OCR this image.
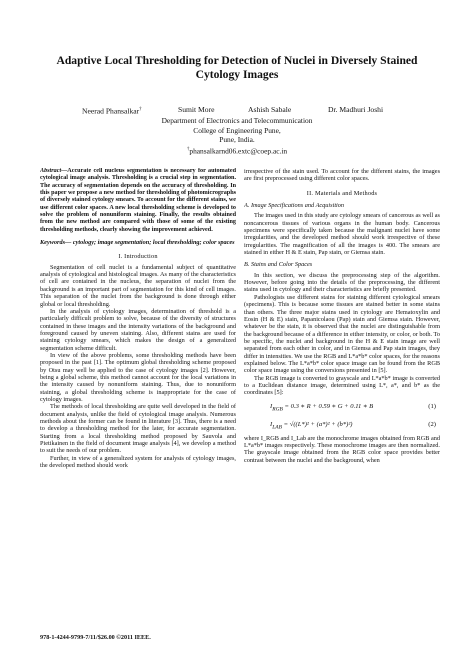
Adaptive Local Thresholding for Detection of Nuclei in Diversely Stained
Cytology Images
Neerad Phansalkar†	Sumit More	Ashish Sabale	Dr. Madhuri Joshi
Department of Electronics and Telecommunication
College of Engineering Pune,
Pune, India.
†phansalkarnd06.extc@coep.ac.in

Abstract—Accurate cell nucleus segmentation is necessary for automated cytological image analysis. Thresholding is a crucial step in segmentation. The accuracy of segmentation depends on the accuracy of thresholding. In this paper we propose a new method for thresholding of photomicrographs of diversely stained cytology smears. To account for the different stains, we use different color spaces. A new local thresholding scheme is developed to solve the problem of nonuniform staining. Finally, the results obtained from the new method are compared with those of some of the existing thresholding methods, clearly showing the improvement achieved.

Keywords— cytology; image segmentation; local thresholding; color spaces

I. Introduction

Segmentation of cell nuclei is a fundamental subject of quantitative analysis of cytological and histological images. As many of the characteristics of cell are contained in the nucleus, the separation of nuclei from the background is an important part of segmentation for this kind of cell images. This separation of the nuclei from the background is done through either global or local thresholding.

In the analysis of cytology images, determination of threshold is a particularly difficult problem to solve, because of the diversity of structures contained in these images and the intensity variations of the background and foreground caused by uneven staining. Also, different stains are used for staining cytology smears, which makes the design of a generalized segmentation scheme difficult.

In view of the above problems, some thresholding methods have been proposed in the past [1]. The optimum global thresholding scheme proposed by Otsu may well be applied to the case of cytology images [2]. However, being a global scheme, this method cannot account for the local variations in the intensity caused by nonuniform staining. Thus, due to nonuniform staining, a global thresholding scheme is inappropriate for the case of cytology images.

The methods of local thresholding are quite well developed in the field of document analysis, unlike the field of cytological image analysis. Numerous methods about the former can be found in literature [3]. Thus, there is a need to develop a thresholding method for the later, for accurate segmentation. Starting from a local thresholding method proposed by Sauvola and Pietikainen in the field of document image analysis [4], we develop a method to suit the needs of our problem.

Further, in view of a generalized system for analysis of cytology images, the developed method should work

irrespective of the stain used. To account for the different stains, the images are first preprocessed using different color spaces.

II. Materials and Methods
A. Image Specifications and Acquisition

The images used in this study are cytology smears of cancerous as well as noncancerous tissues of various organs in the human body. Cancerous specimens were specifically taken because the malignant nuclei have some irregularities, and the developed method should work irrespective of these irregularities. The magnification of all the images is 400. The smears are stained in either H & E stain, Pap stain, or Giemsa stain.

B. Stains and Color Spaces

In this section, we discuss the preprocessing step of the algorithm. However, before going into the details of the preprocessing, the different stains used in cytology and their characteristics are briefly presented.

Pathologists use different stains for staining different cytological smears (specimens). This is because some tissues are stained better in some stains than others. The three major stains used in cytology are Hematoxylin and Eosin (H & E) stain, Papanicolaou (Pap) stain and Giemsa stain. However, whatever be the stain, it is observed that the nuclei are distinguishable from the background because of a difference in either intensity, or color, or both. To be specific, the nuclei and background in the H & E stain image are well separated from each other in color, and in Giemsa and Pap stain images, they differ in intensities. We use the RGB and L*a*b* color spaces, for the reasons explained below. The L*a*b* color space image can be found from the RGB color space image using the conversions presented in [5].

The RGB image is converted to grayscale and L*a*b* image is converted to a Euclidean distance image, determined using L*, a*, and b* as the coordinates [5]:

$I_{RGB} = 0.3$ ∗ R + 0.59 ∗ G + 0.11 ∗ B	(1)
$I_{LAB} = √((L*)^2 + (a*)^2 + (b*)^2)$	(2)

where I_RGB and I_Lab are the monochrome images obtained from RGB and L*a*b* images respectively. These monochrome images are then normalized. The grayscale image obtained from the RGB color space provides better contrast between the nuclei and the background, when

978-1-4244-9799-7/11/$26.00 ©2011 IEEE.
